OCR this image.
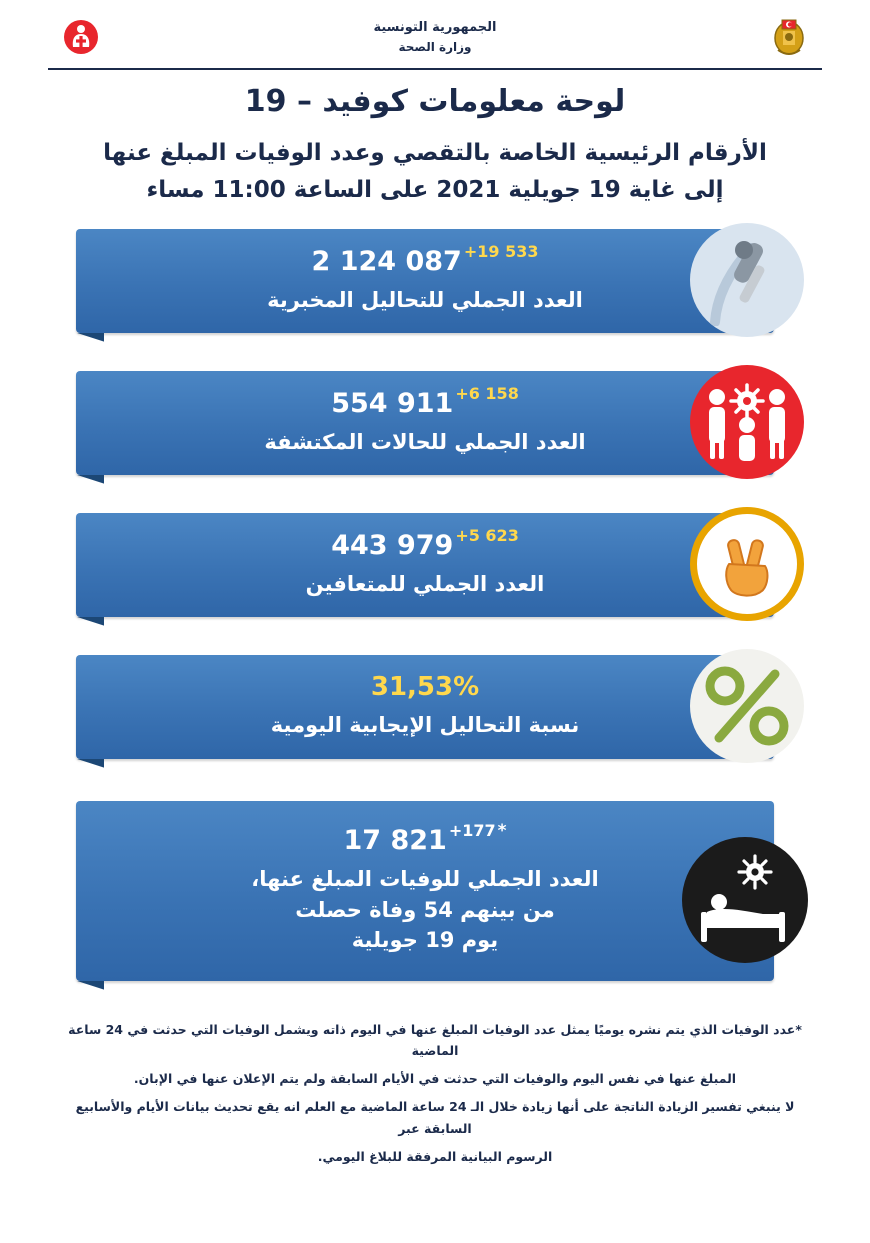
الجمهورية التونسية
وزارة الصحة
لوحة معلومات كوفيد – 19
الأرقام الرئيسية الخاصة بالتقصي وعدد الوفيات المبلغ عنها
إلى غاية 19 جويلية 2021 على الساعة 11:00 مساء
2 124 087 +19 533
العدد الجملي للتحاليل المخبرية
554 911 +6 158
العدد الجملي للحالات المكتشفة
443 979 +5 623
العدد الجملي للمتعافين
31,53%
نسبة التحاليل الإيجابية اليومية
17 821 +177 *
العدد الجملي للوفيات المبلغ عنها،
من بينهم 54 وفاة حصلت
يوم 19 جويلية

*عدد الوفيات الذي يتم نشره يوميًا يمثل عدد الوفيات المبلغ عنها في اليوم ذاته ويشمل الوفيات التي حدثت في 24 ساعة الماضية

المبلغ عنها في نفس اليوم والوفيات التي حدثت في الأيام السابقة ولم يتم الإعلان عنها في الإبان.

لا ينبغي تفسير الزيادة الناتجة على أنها زيادة خلال الـ 24 ساعة الماضية مع العلم انه يقع تحديث بيانات الأيام والأسابيع السابقة عبر

الرسوم البيانية المرفقة للبلاغ اليومي.
